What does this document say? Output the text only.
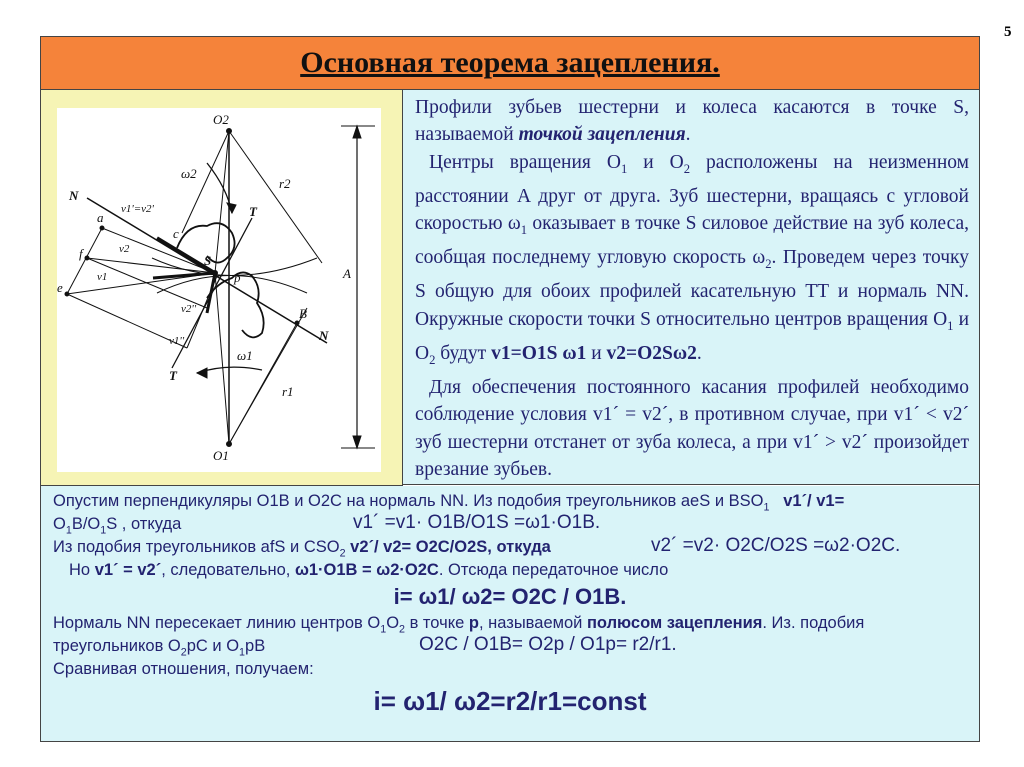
5
Основная теорема зацепления.
O2
O1
ω2
ω1
r2
r1
A
N
N
T
T
a
f
e
c
S
p
B
v1'=v2'
v2
v1
v2''
v1''

Профили зубьев шестерни и колеса касаются в точке S, называемой точкой зацепления.

Центры вращения $O_1$ и $O_2$ расположены на неизменном расстоянии A друг от друга. Зуб шестерни, вращаясь с угловой скоростью $\omega_1$ оказывает в точке S силовое действие на зуб колеса, сообщая последнему угловую скорость $\omega_2$. Проведем через точку S общую для обоих профилей касательную TT и нормаль NN. Окружные скорости точки S относительно центров вращения $O_1$ и $O_2$ будут v1=O1S ω1 и v2=O2Sω2.

Для обеспечения постоянного касания профилей необходимо соблюдение условия v1´ = v2´, в противном случае, при v1´ < v2´ зуб шестерни отстанет от зуба колеса, а при v1´ > v2´ произойдет врезание зубьев.

Опустим перпендикуляры O1B и O2C на нормаль NN. Из подобия треугольников aeS и $BSO_1$ v1´/ v1=
$O_1B/O_1S$ , откуда	v1´ =v1· O1B/O1S =ω1·O1B.
Из подобия треугольников afS и $CSO_2$ v2´/ v2= O2C/O2S, откуда	v2´ =v2· O2C/O2S =ω2·O2C.
Но v1´ = v2´, следовательно, ω1·O1B = ω2·O2C. Отсюда передаточное число
i= ω1/ ω2= O2C / O1B.
Нормаль NN пересекает линию центров $O_1O_2$ в точке p, называемой полюсом зацепления. Из. подобия
треугольников $O_2pC$ и $O_1pB$	O2C / O1B= O2p / O1p= r2/r1.
Сравнивая отношения, получаем:
i= ω1/ ω2=r2/r1=const
